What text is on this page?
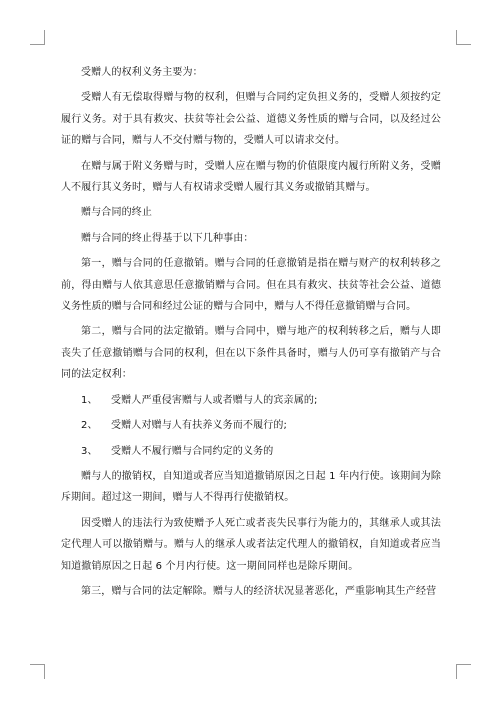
受赠人的权利义务主要为：

受赠人有无偿取得赠与物的权利，但赠与合同约定负担义务的，受赠人须按约定履行义务。对于具有救灾、扶贫等社会公益、道德义务性质的赠与合同，以及经过公证的赠与合同，赠与人不交付赠与物的，受赠人可以请求交付。

在赠与属于附义务赠与时，受赠人应在赠与物的价值限度内履行所附义务，受赠人不履行其义务时，赠与人有权请求受赠人履行其义务或撤销其赠与。

赠与合同的终止

赠与合同的终止得基于以下几种事由：

第一，赠与合同的任意撤销。赠与合同的任意撤销是指在赠与财产的权利转移之前，得由赠与人依其意思任意撤销赠与合同。但在具有救灾、扶贫等社会公益、道德义务性质的赠与合同和经过公证的赠与合同中，赠与人不得任意撤销赠与合同。

第二，赠与合同的法定撤销。赠与合同中，赠与地产的权利转移之后，赠与人即丧失了任意撤销赠与合同的权利，但在以下条件具备时，赠与人仍可享有撤销产与合同的法定权利：

1、 受赠人严重侵害赠与人或者赠与人的宾亲属的;
2、 受赠人对赠与人有扶养义务而不履行的;
3、 受赠人不履行赠与合同约定的义务的

赠与人的撤销权，自知道或者应当知道撤销原因之日起 1 年内行使。该期间为除斥期间。超过这一期间，赠与人不得再行使撤销权。

因受赠人的违法行为致使赠予人死亡或者丧失民事行为能力的，其继承人或其法定代理人可以撤销赠与。赠与人的继承人或者法定代理人的撤销权，自知道或者应当知道撤销原因之日起 6 个月内行使。这一期间同样也是除斥期间。

第三，赠与合同的法定解除。赠与人的经济状况显著恶化，严重影响其生产经营
